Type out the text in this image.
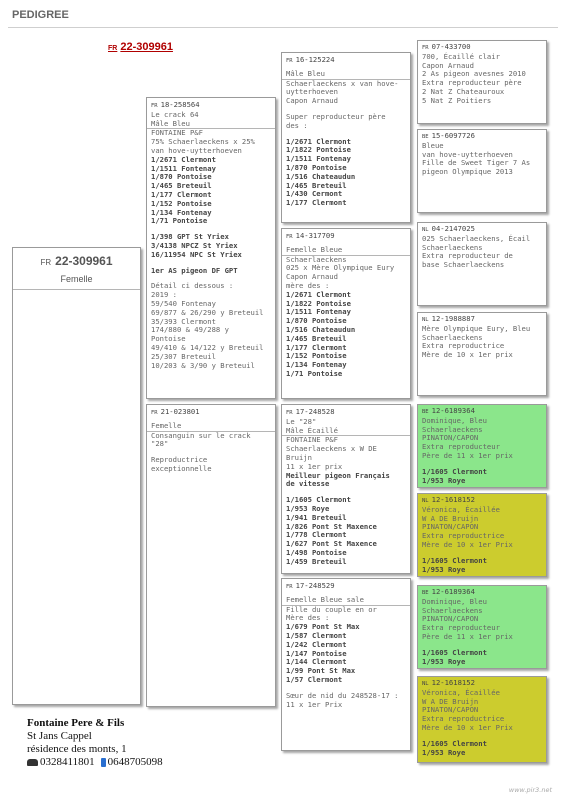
PEDIGREE
FR 22-309961
FR 22-309961
Femelle
FR 18-258564
Le crack 64
Mâle Bleu
FONTAINE P&F
75% Schaerlaeckens x 25%
van hove-uytterhoeven
1/2671 Clermont
1/1511 Fontenay
1/870 Pontoise
1/465 Breteuil
1/177 Clermont
1/152 Pontoise
1/134 Fontenay
1/71 Pontoise
1/398 GPT St Yriex
3/4138 NPCZ St Yriex
16/11954 NPC St Yriex
1er AS pigeon DF GPT
Détail ci dessous :
2019 :
59/540 Fontenay
69/877 & 26/290 y Breteuil
35/393 Clermont
174/880 & 49/288 y
Pontoise
49/410 & 14/122 y Breteuil
25/307 Breteuil
10/203 & 3/90 y Breteuil
FR 21-023801
Femelle
Consanguin sur le crack
"28"
Reproductrice
exceptionnelle
FR 16-125224
Mâle Bleu
Schaerlaeckens x van hove-
uytterhoeven
Capon Arnaud
Super reproducteur père
des :
1/2671 Clermont
1/1822 Pontoise
1/1511 Fontenay
1/870 Pontoise
1/516 Chateaudun
1/465 Breteuil
1/430 Cermont
1/177 Clermont
FR 14-317709
Femelle Bleue
Schaerlaeckens
025 x Mère Olympique Eury
Capon Arnaud
mère des :
1/2671 Clermont
1/1822 Pontoise
1/1511 Fontenay
1/870 Pontoise
1/516 Chateaudun
1/465 Breteuil
1/177 Clermont
1/152 Pontoise
1/134 Fontenay
1/71 Pontoise
FR 17-248528
Le "28"
Mâle Écaillé
FONTAINE P&F
Schaerlaeckens x W DE
Bruijn
11 x 1er prix
Meilleur pigeon Français
de vitesse
1/1605 Clermont
1/953 Roye
1/941 Breteuil
1/826 Pont St Maxence
1/778 Clermont
1/627 Pont St Maxence
1/498 Pontoise
1/459 Breteuil
FR 17-248529
Femelle Bleue sale
Fille du couple en or
Mère des :
1/679 Pont St Max
1/587 Clermont
1/242 Clermont
1/147 Pontoise
1/144 Clermont
1/99 Pont St Max
1/57 Clermont
Sœur de nid du 248528-17 :
11 x 1er Prix
FR 07-433700
700, Écaillé clair
Capon Arnaud
2 As pigeon avesnes 2010
Extra reproducteur père
2 Nat Z Chateauroux
5 Nat Z Poitiers
BE 15-6097726
Bleue
van hove-uytterhoeven
Fille de Sweet Tiger 7 As
pigeon Olympique 2013
NL 04-2147025
025 Schaerlaeckens, Écail
Schaerlaeckens
Extra reproducteur de
base Schaerlaeckens
NL 12-1988887
Mère Olympique Eury, Bleu
Schaerlaeckens
Extra reproductrice
Mère de 10 x 1er prix
BE 12-6189364
Dominique, Bleu
Schaerlaeckens
PINATON/CAPON
Extra reproducteur
Père de 11 x 1er prix
1/1605 Clermont
1/953 Roye
NL 12-1618152
Véronica, Écaillée
W A DE Bruijn
PINATON/CAPON
Extra reproductrice
Mère de 10 x 1er Prix
1/1605 Clermont
1/953 Roye
BE 12-6189364
Dominique, Bleu
Schaerlaeckens
PINATON/CAPON
Extra reproducteur
Père de 11 x 1er prix
1/1605 Clermont
1/953 Roye
NL 12-1618152
Véronica, Écaillée
W A DE Bruijn
PINATON/CAPON
Extra reproductrice
Mère de 10 x 1er Prix
1/1605 Clermont
1/953 Roye
Fontaine Pere & Fils
St Jans Cappel
résidence des monts, 1
0328411801 0648705098
www.pir3.net
